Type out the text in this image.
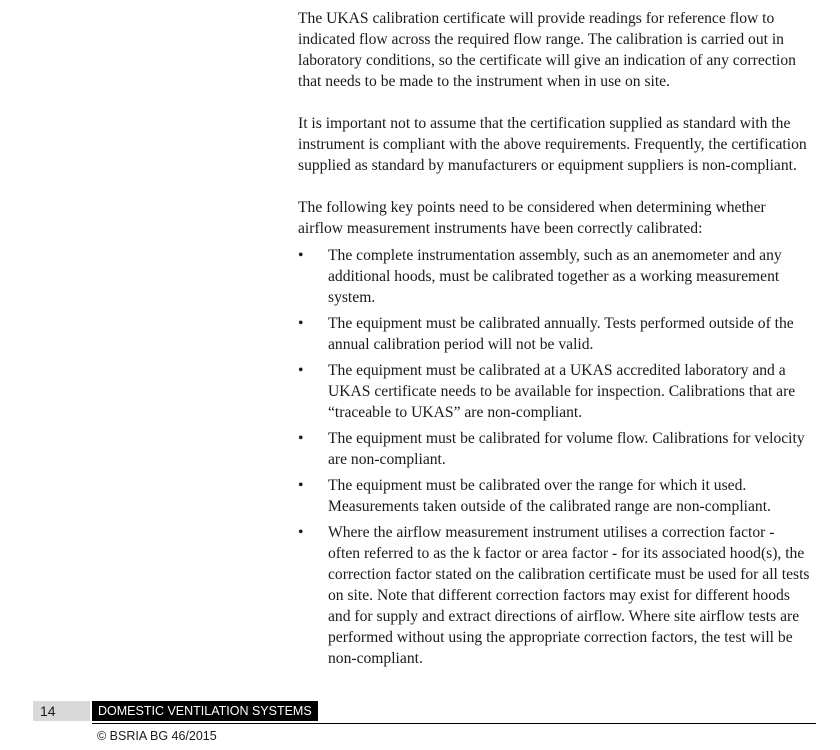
The UKAS calibration certificate will provide readings for reference flow to indicated flow across the required flow range. The calibration is carried out in laboratory conditions, so the certificate will give an indication of any correction that needs to be made to the instrument when in use on site.

It is important not to assume that the certification supplied as standard with the instrument is compliant with the above requirements. Frequently, the certification supplied as standard by manufacturers or equipment suppliers is non-compliant.

The following key points need to be considered when determining whether airflow measurement instruments have been correctly calibrated:

•	The complete instrumentation assembly, such as an anemometer and any additional hoods, must be calibrated together as a working measurement system.
•	The equipment must be calibrated annually. Tests performed outside of the annual calibration period will not be valid.
•	The equipment must be calibrated at a UKAS accredited laboratory and a UKAS certificate needs to be available for inspection. Calibrations that are “traceable to UKAS” are non-compliant.
•	The equipment must be calibrated for volume flow. Calibrations for velocity are non-compliant.
•	The equipment must be calibrated over the range for which it used. Measurements taken outside of the calibrated range are non-compliant.
•	Where the airflow measurement instrument utilises a correction factor - often referred to as the k factor or area factor - for its associated hood(s), the correction factor stated on the calibration certificate must be used for all tests on site. Note that different correction factors may exist for different hoods and for supply and extract directions of airflow. Where site airflow tests are performed without using the appropriate correction factors, the test will be non-compliant.
14	DOMESTIC VENTILATION SYSTEMS
© BSRIA BG 46/2015
